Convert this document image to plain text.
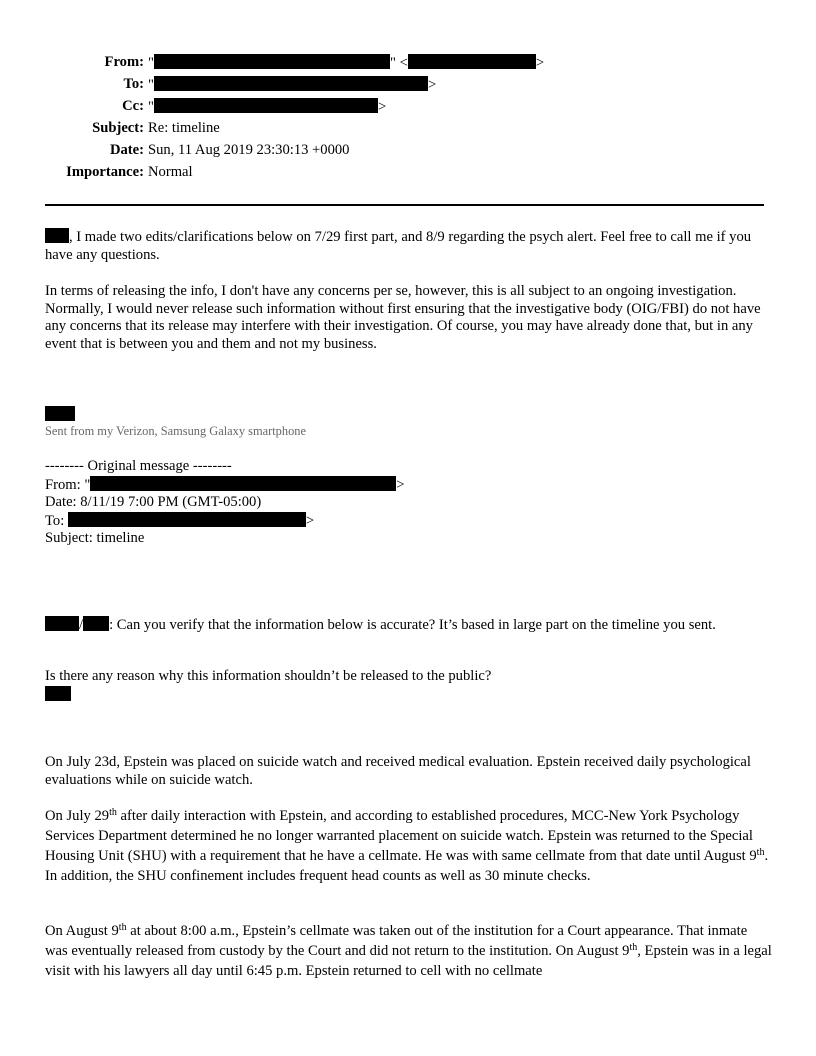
From: "	" <	>
To: "	>
Cc: "	>
Subject: Re: timeline
Date: Sun, 11 Aug 2019 23:30:13 +0000
Importance: Normal
, I made two edits/clarifications below on 7/29 first part, and 8/9 regarding the psych alert. Feel free to call me if you have any questions.
In terms of releasing the info, I don't have any concerns per se, however, this is all subject to an ongoing investigation. Normally, I would never release such information without first ensuring that the investigative body (OIG/FBI) do not have any concerns that its release may interfere with their investigation. Of course, you may have already done that, but in any event that is between you and them and not my business.
Sent from my Verizon, Samsung Galaxy smartphone
-------- Original message --------
From: "	>
Date: 8/11/19 7:00 PM (GMT-05:00)
To:	>
Subject: timeline
/ : Can you verify that the information below is accurate? It’s based in large part on the timeline you sent.
Is there any reason why this information shouldn’t be released to the public?
On July 23d, Epstein was placed on suicide watch and received medical evaluation. Epstein received daily psychological evaluations while on suicide watch.
On July 29th after daily interaction with Epstein, and according to established procedures, MCC-New York Psychology Services Department determined he no longer warranted placement on suicide watch. Epstein was returned to the Special Housing Unit (SHU) with a requirement that he have a cellmate. He was with same cellmate from that date until August 9th. In addition, the SHU confinement includes frequent head counts as well as 30 minute checks.
On August 9th at about 8:00 a.m., Epstein’s cellmate was taken out of the institution for a Court appearance. That inmate was eventually released from custody by the Court and did not return to the institution. On August 9th, Epstein was in a legal visit with his lawyers all day until 6:45 p.m. Epstein returned to cell with no cellmate
